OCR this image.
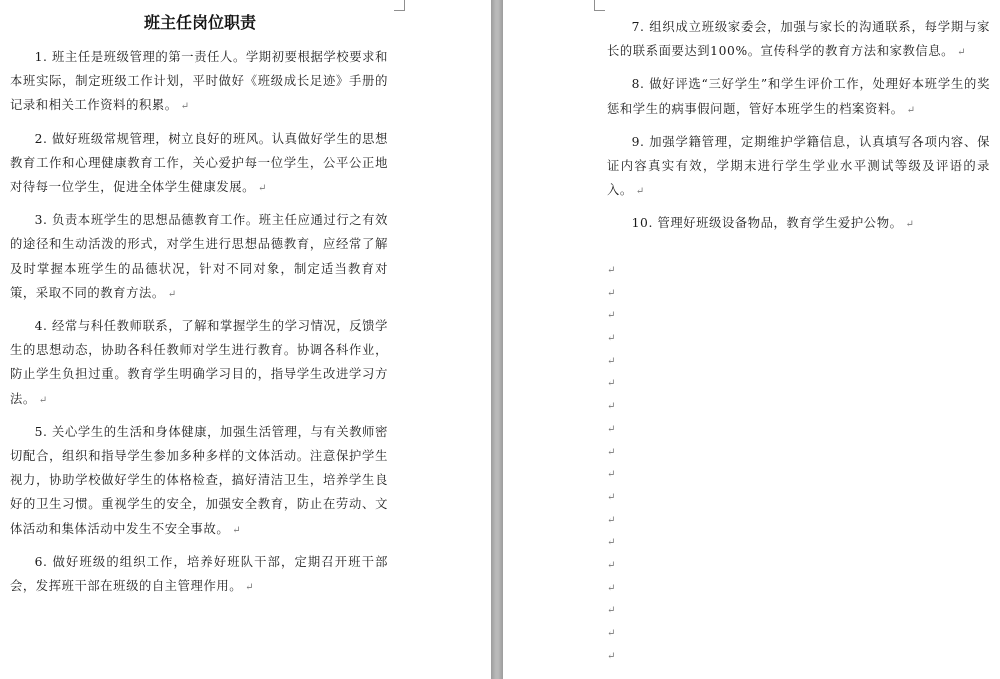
班主任岗位职责

1. 班主任是班级管理的第一责任人。学期初要根据学校要求和本班实际，制定班级工作计划，平时做好《班级成长足迹》手册的记录和相关工作资料的积累。 ↵

2. 做好班级常规管理，树立良好的班风。认真做好学生的思想教育工作和心理健康教育工作，关心爱护每一位学生，公平公正地对待每一位学生，促进全体学生健康发展。 ↵

3. 负责本班学生的思想品德教育工作。班主任应通过行之有效的途径和生动活泼的形式，对学生进行思想品德教育，应经常了解及时掌握本班学生的品德状况，针对不同对象，制定适当教育对策，采取不同的教育方法。 ↵

4. 经常与科任教师联系，了解和掌握学生的学习情况，反馈学生的思想动态，协助各科任教师对学生进行教育。协调各科作业，防止学生负担过重。教育学生明确学习目的，指导学生改进学习方法。 ↵

5. 关心学生的生活和身体健康，加强生活管理，与有关教师密切配合，组织和指导学生参加多种多样的文体活动。注意保护学生视力，协助学校做好学生的体格检查，搞好清洁卫生，培养学生良好的卫生习惯。重视学生的安全，加强安全教育，防止在劳动、文体活动和集体活动中发生不安全事故。 ↵

6. 做好班级的组织工作，培养好班队干部，定期召开班干部会，发挥班干部在班级的自主管理作用。 ↵

7. 组织成立班级家委会，加强与家长的沟通联系，每学期与家长的联系面要达到100%。宣传科学的教育方法和家教信息。 ↵

8. 做好评选“三好学生”和学生评价工作，处理好本班学生的奖惩和学生的病事假问题，管好本班学生的档案资料。 ↵

9. 加强学籍管理，定期维护学籍信息，认真填写各项内容、保证内容真实有效，学期末进行学生学业水平测试等级及评语的录入。 ↵

10. 管理好班级设备物品，教育学生爱护公物。 ↵

↵
↵
↵
↵
↵
↵
↵
↵
↵
↵
↵
↵
↵
↵
↵
↵
↵
↵
